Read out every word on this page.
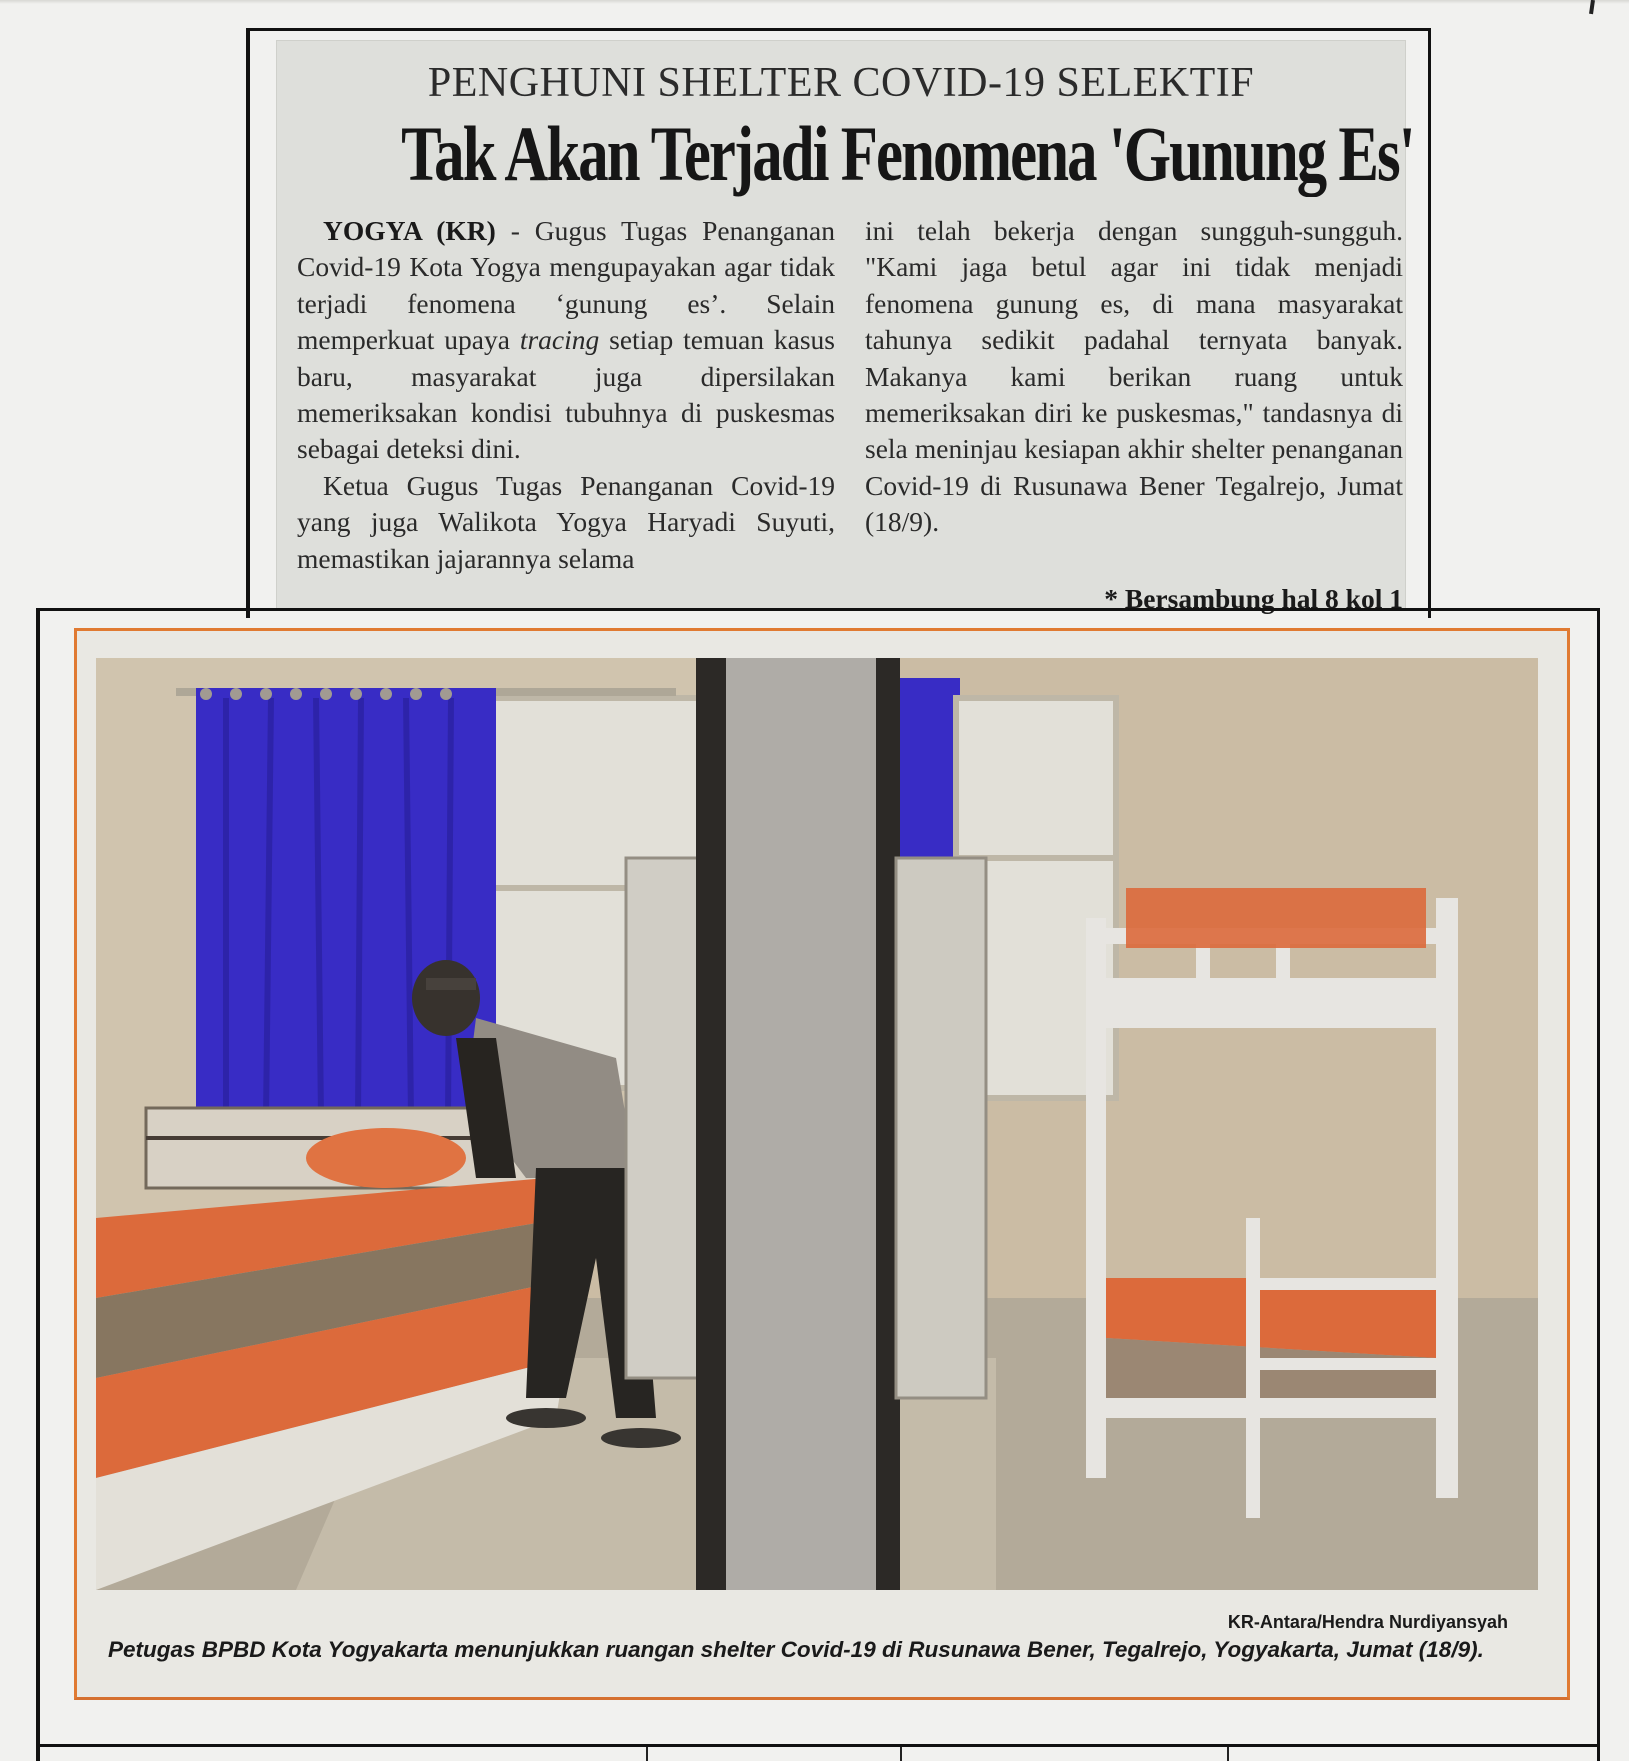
PENGHUNI SHELTER COVID-19 SELEKTIF
Tak Akan Terjadi Fenomena 'Gunung Es'

YOGYA (KR) - Gugus Tugas Penanganan Covid-19 Kota Yogya mengupayakan agar tidak terjadi fenomena ‘gunung es’. Selain memperkuat upaya tracing setiap temuan kasus baru, masyarakat juga dipersilakan memeriksakan kondisi tubuhnya di puskesmas sebagai deteksi dini.

Ketua Gugus Tugas Penanganan Covid-19 yang juga Walikota Yogya Haryadi Suyuti, memastikan jajarannya selama

ini telah bekerja dengan sungguh-sungguh. "Kami jaga betul agar ini tidak menjadi fenomena gunung es, di mana masyarakat tahunya sedikit padahal ternyata banyak. Makanya kami berikan ruang untuk memeriksakan diri ke puskesmas," tandasnya di sela meninjau kesiapan akhir shelter penanganan Covid-19 di Rusunawa Bener Tegalrejo, Jumat (18/9).

* Bersambung hal 8 kol 1
KR-Antara/Hendra Nurdiyansyah
Petugas BPBD Kota Yogyakarta menunjukkan ruangan shelter Covid-19 di Rusunawa Bener, Tegalrejo, Yogyakarta, Jumat (18/9).
